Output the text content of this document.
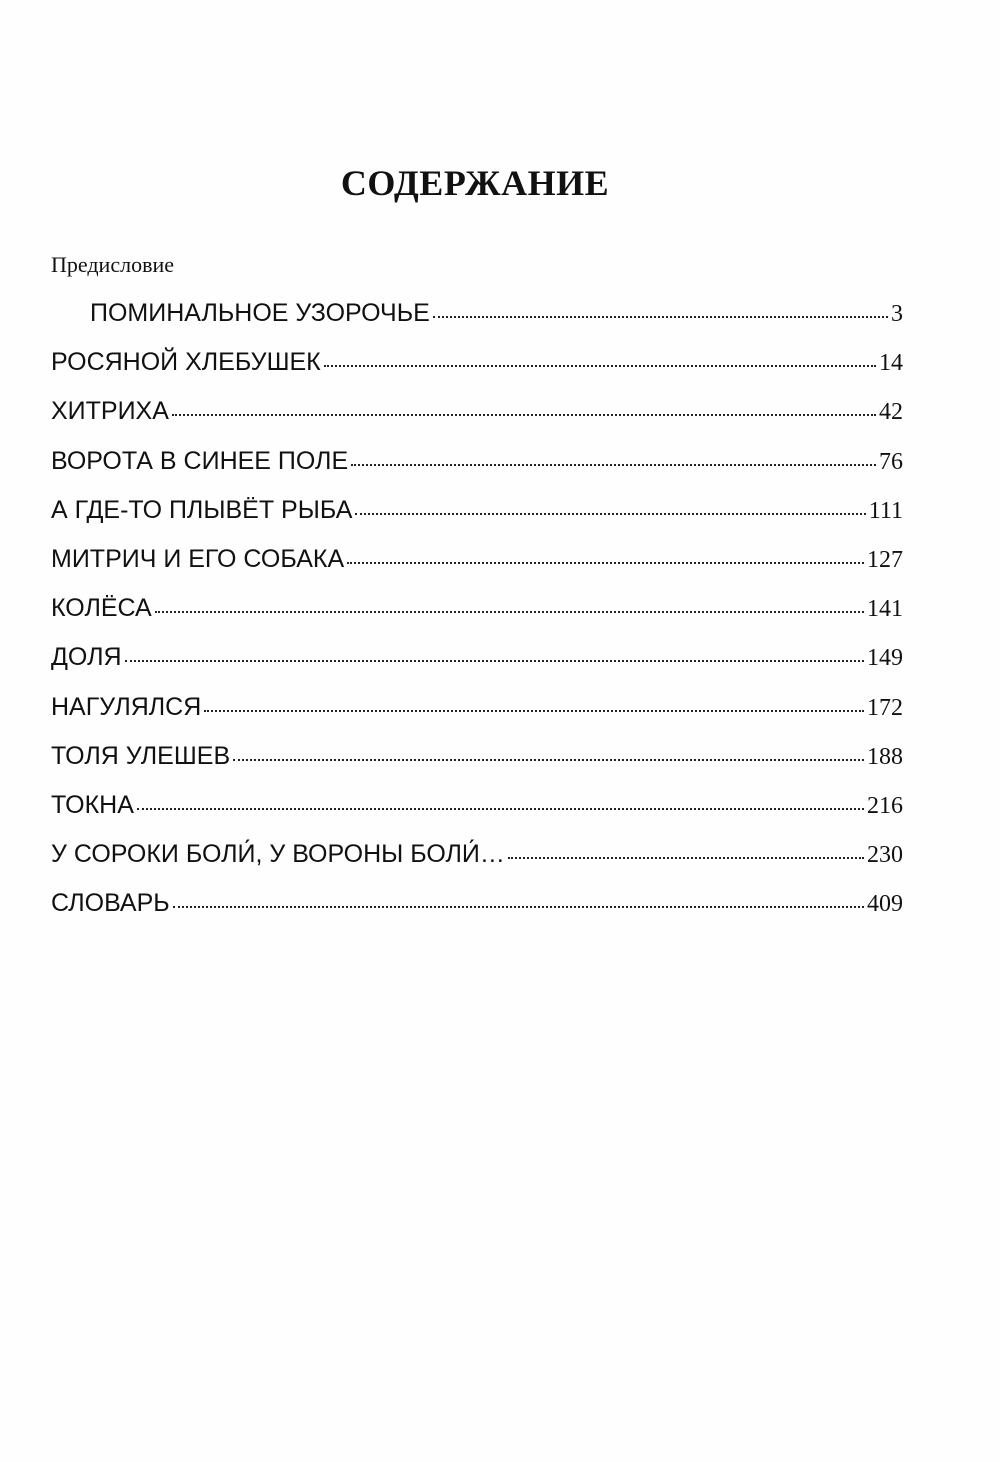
СОДЕРЖАНИЕ

Предисловие

ПОМИНАЛЬНОЕ УЗОРОЧЬЕ	3
РОСЯНОЙ ХЛЕБУШЕК	14
ХИТРИХА	42
ВОРОТА В СИНЕЕ ПОЛЕ	76
А ГДЕ-ТО ПЛЫВЁТ РЫБА	111
МИТРИЧ И ЕГО СОБАКА	127
КОЛЁСА	141
ДОЛЯ	149
НАГУЛЯЛСЯ	172
ТОЛЯ УЛЕШЕВ	188
ТОКНА	216
У СОРОКИ БОЛИ́, У ВОРОНЫ БОЛИ́…	230
СЛОВАРЬ	409
